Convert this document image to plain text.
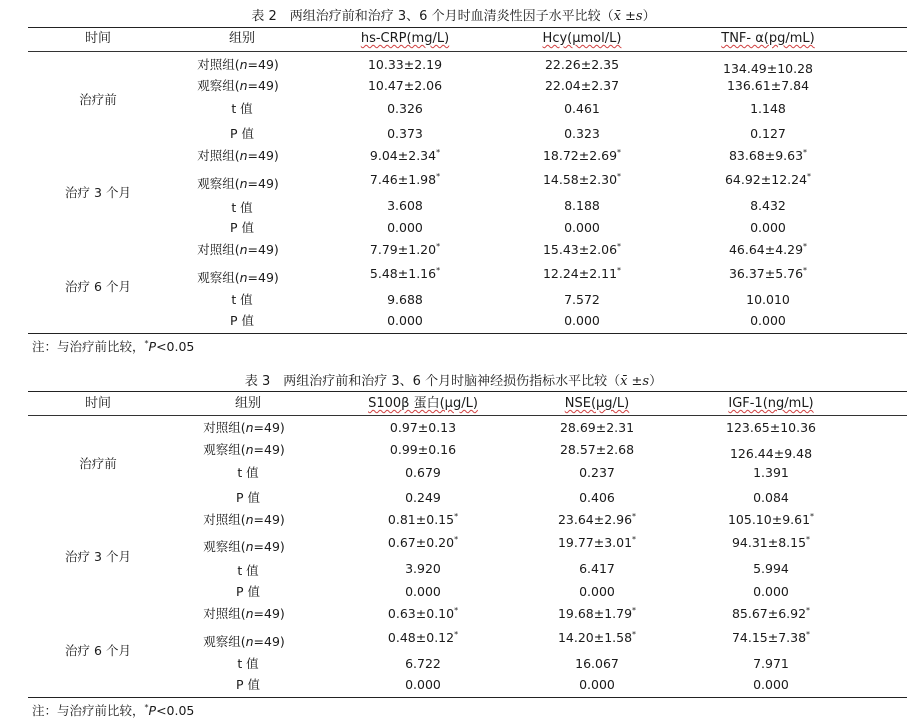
表 2  两组治疗前和治疗 3、6 个月时血清炎性因子水平比较（x̄ ±s）
时间	组别	hs-CRP(mg/L)	Hcy(μmol/L)	TNF- α(pg/mL)
治疗前
对照组(n=49)	10.33±2.19	22.26±2.35	134.49±10.28
观察组(n=49)	10.47±2.06	22.04±2.37	136.61±7.84
t 值	0.326	0.461	1.148
P 值	0.373	0.323	0.127
治疗 3 个月
对照组(n=49)	9.04±2.34*	18.72±2.69*	83.68±9.63*
观察组(n=49)	7.46±1.98*	14.58±2.30*	64.92±12.24*
t 值	3.608	8.188	8.432
P 值	0.000	0.000	0.000
治疗 6 个月
对照组(n=49)	7.79±1.20*	15.43±2.06*	46.64±4.29*
观察组(n=49)	5.48±1.16*	12.24±2.11*	36.37±5.76*
t 值	9.688	7.572	10.010
P 值	0.000	0.000	0.000
注：与治疗前比较，*P<0.05
表 3  两组治疗前和治疗 3、6 个月时脑神经损伤指标水平比较（x̄ ±s）
时间	组别	S100β 蛋白(μg/L)	NSE(μg/L)	IGF-1(ng/mL)
治疗前
对照组(n=49)	0.97±0.13	28.69±2.31	123.65±10.36
观察组(n=49)	0.99±0.16	28.57±2.68	126.44±9.48
t 值	0.679	0.237	1.391
P 值	0.249	0.406	0.084
治疗 3 个月
对照组(n=49)	0.81±0.15*	23.64±2.96*	105.10±9.61*
观察组(n=49)	0.67±0.20*	19.77±3.01*	94.31±8.15*
t 值	3.920	6.417	5.994
P 值	0.000	0.000	0.000
治疗 6 个月
对照组(n=49)	0.63±0.10*	19.68±1.79*	85.67±6.92*
观察组(n=49)	0.48±0.12*	14.20±1.58*	74.15±7.38*
t 值	6.722	16.067	7.971
P 值	0.000	0.000	0.000
注：与治疗前比较，*P<0.05
